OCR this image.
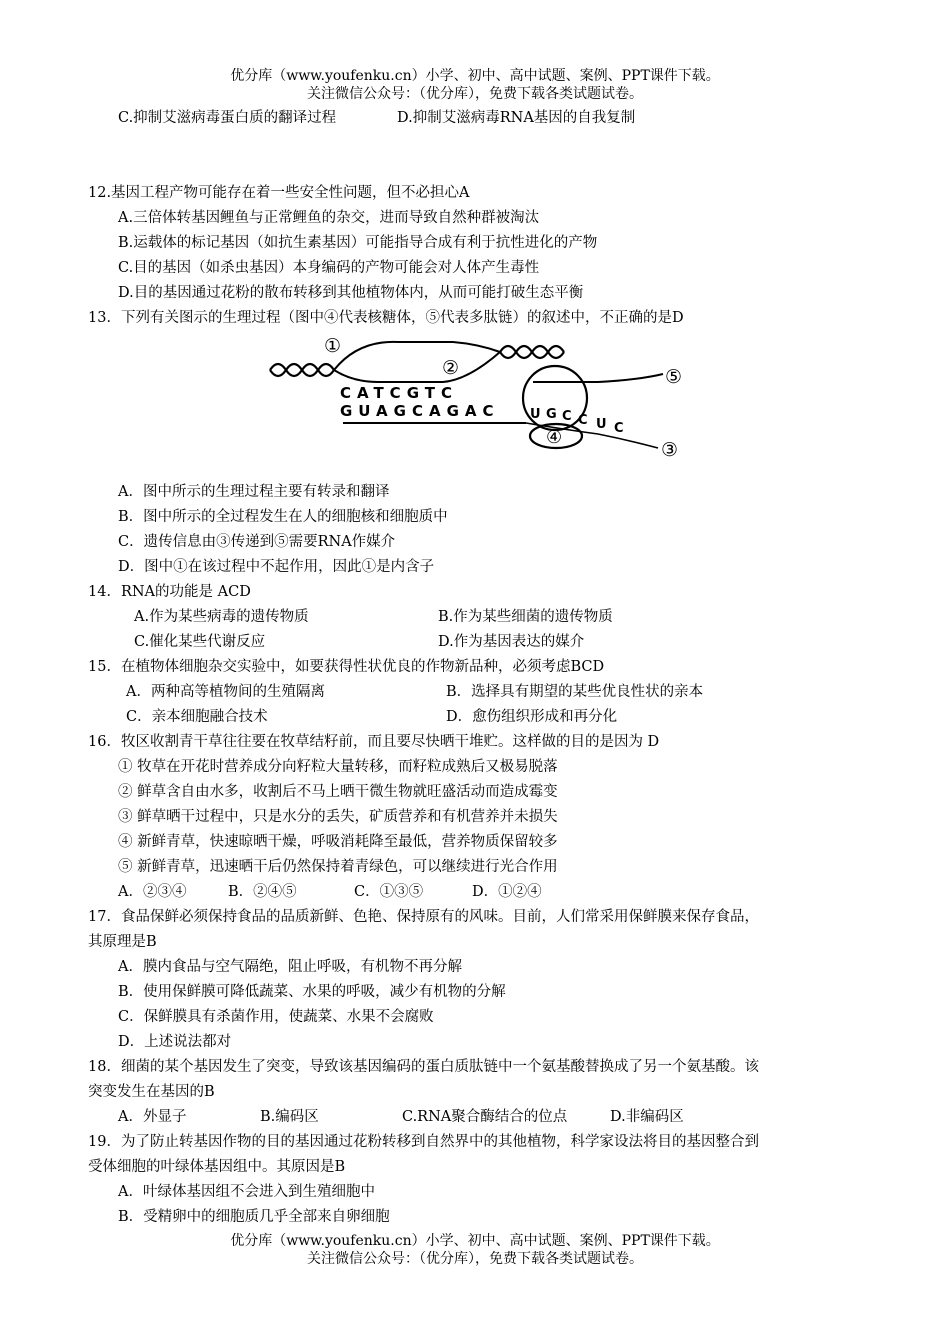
优分库（www.youfenku.cn）小学、初中、高中试题、案例、PPT课件下载。
关注微信公众号：（优分库），免费下载各类试题试卷。
C.抑制艾滋病毒蛋白质的翻译过程	D.抑制艾滋病毒RNA基因的自我复制
12.基因工程产物可能存在着一些安全性问题，但不必担心A
A.三倍体转基因鲤鱼与正常鲤鱼的杂交，进而导致自然种群被淘汰
B.运载体的标记基因（如抗生素基因）可能指导合成有利于抗性进化的产物
C.目的基因（如杀虫基因）本身编码的产物可能会对人体产生毒性
D.目的基因通过花粉的散布转移到其他植物体内，从而可能打破生态平衡
13．下列有关图示的生理过程（图中④代表核糖体，⑤代表多肽链）的叙述中，不正确的是D
CATCGTC
GUAGCAGAC U G C C U C
①
②
③
④
⑤
A．图中所示的生理过程主要有转录和翻译
B．图中所示的全过程发生在人的细胞核和细胞质中
C．遗传信息由③传递到⑤需要RNA作媒介
D．图中①在该过程中不起作用，因此①是内含子
14．RNA的功能是 ACD
A.作为某些病毒的遗传物质	B.作为某些细菌的遗传物质
C.催化某些代谢反应	D.作为基因表达的媒介
15．在植物体细胞杂交实验中，如要获得性状优良的作物新品种，必须考虑BCD
A．两种高等植物间的生殖隔离	B．选择具有期望的某些优良性状的亲本
C．亲本细胞融合技术	D．愈伤组织形成和再分化
16．牧区收割青干草往往要在牧草结籽前，而且要尽快晒干堆贮。这样做的目的是因为 D
① 牧草在开花时营养成分向籽粒大量转移，而籽粒成熟后又极易脱落
② 鲜草含自由水多，收割后不马上晒干微生物就旺盛活动而造成霉变
③ 鲜草晒干过程中，只是水分的丢失，矿质营养和有机营养并未损失
④ 新鲜青草，快速晾晒干燥，呼吸消耗降至最低，营养物质保留较多
⑤ 新鲜青草，迅速晒干后仍然保持着青绿色，可以继续进行光合作用
A．②③④	B．②④⑤	C．①③⑤	D．①②④
17．食品保鲜必须保持食品的品质新鲜、色艳、保持原有的风味。目前，人们常采用保鲜膜来保存食品，
其原理是B
A．膜内食品与空气隔绝，阻止呼吸，有机物不再分解
B．使用保鲜膜可降低蔬菜、水果的呼吸，减少有机物的分解
C．保鲜膜具有杀菌作用，使蔬菜、水果不会腐败
D．上述说法都对
18．细菌的某个基因发生了突变，导致该基因编码的蛋白质肽链中一个氨基酸替换成了另一个氨基酸。该
突变发生在基因的B
A．外显子	B.编码区	C.RNA聚合酶结合的位点	D.非编码区
19．为了防止转基因作物的目的基因通过花粉转移到自然界中的其他植物，科学家设法将目的基因整合到
受体细胞的叶绿体基因组中。其原因是B
A．叶绿体基因组不会进入到生殖细胞中
B．受精卵中的细胞质几乎全部来自卵细胞
优分库（www.youfenku.cn）小学、初中、高中试题、案例、PPT课件下载。
关注微信公众号：（优分库），免费下载各类试题试卷。
